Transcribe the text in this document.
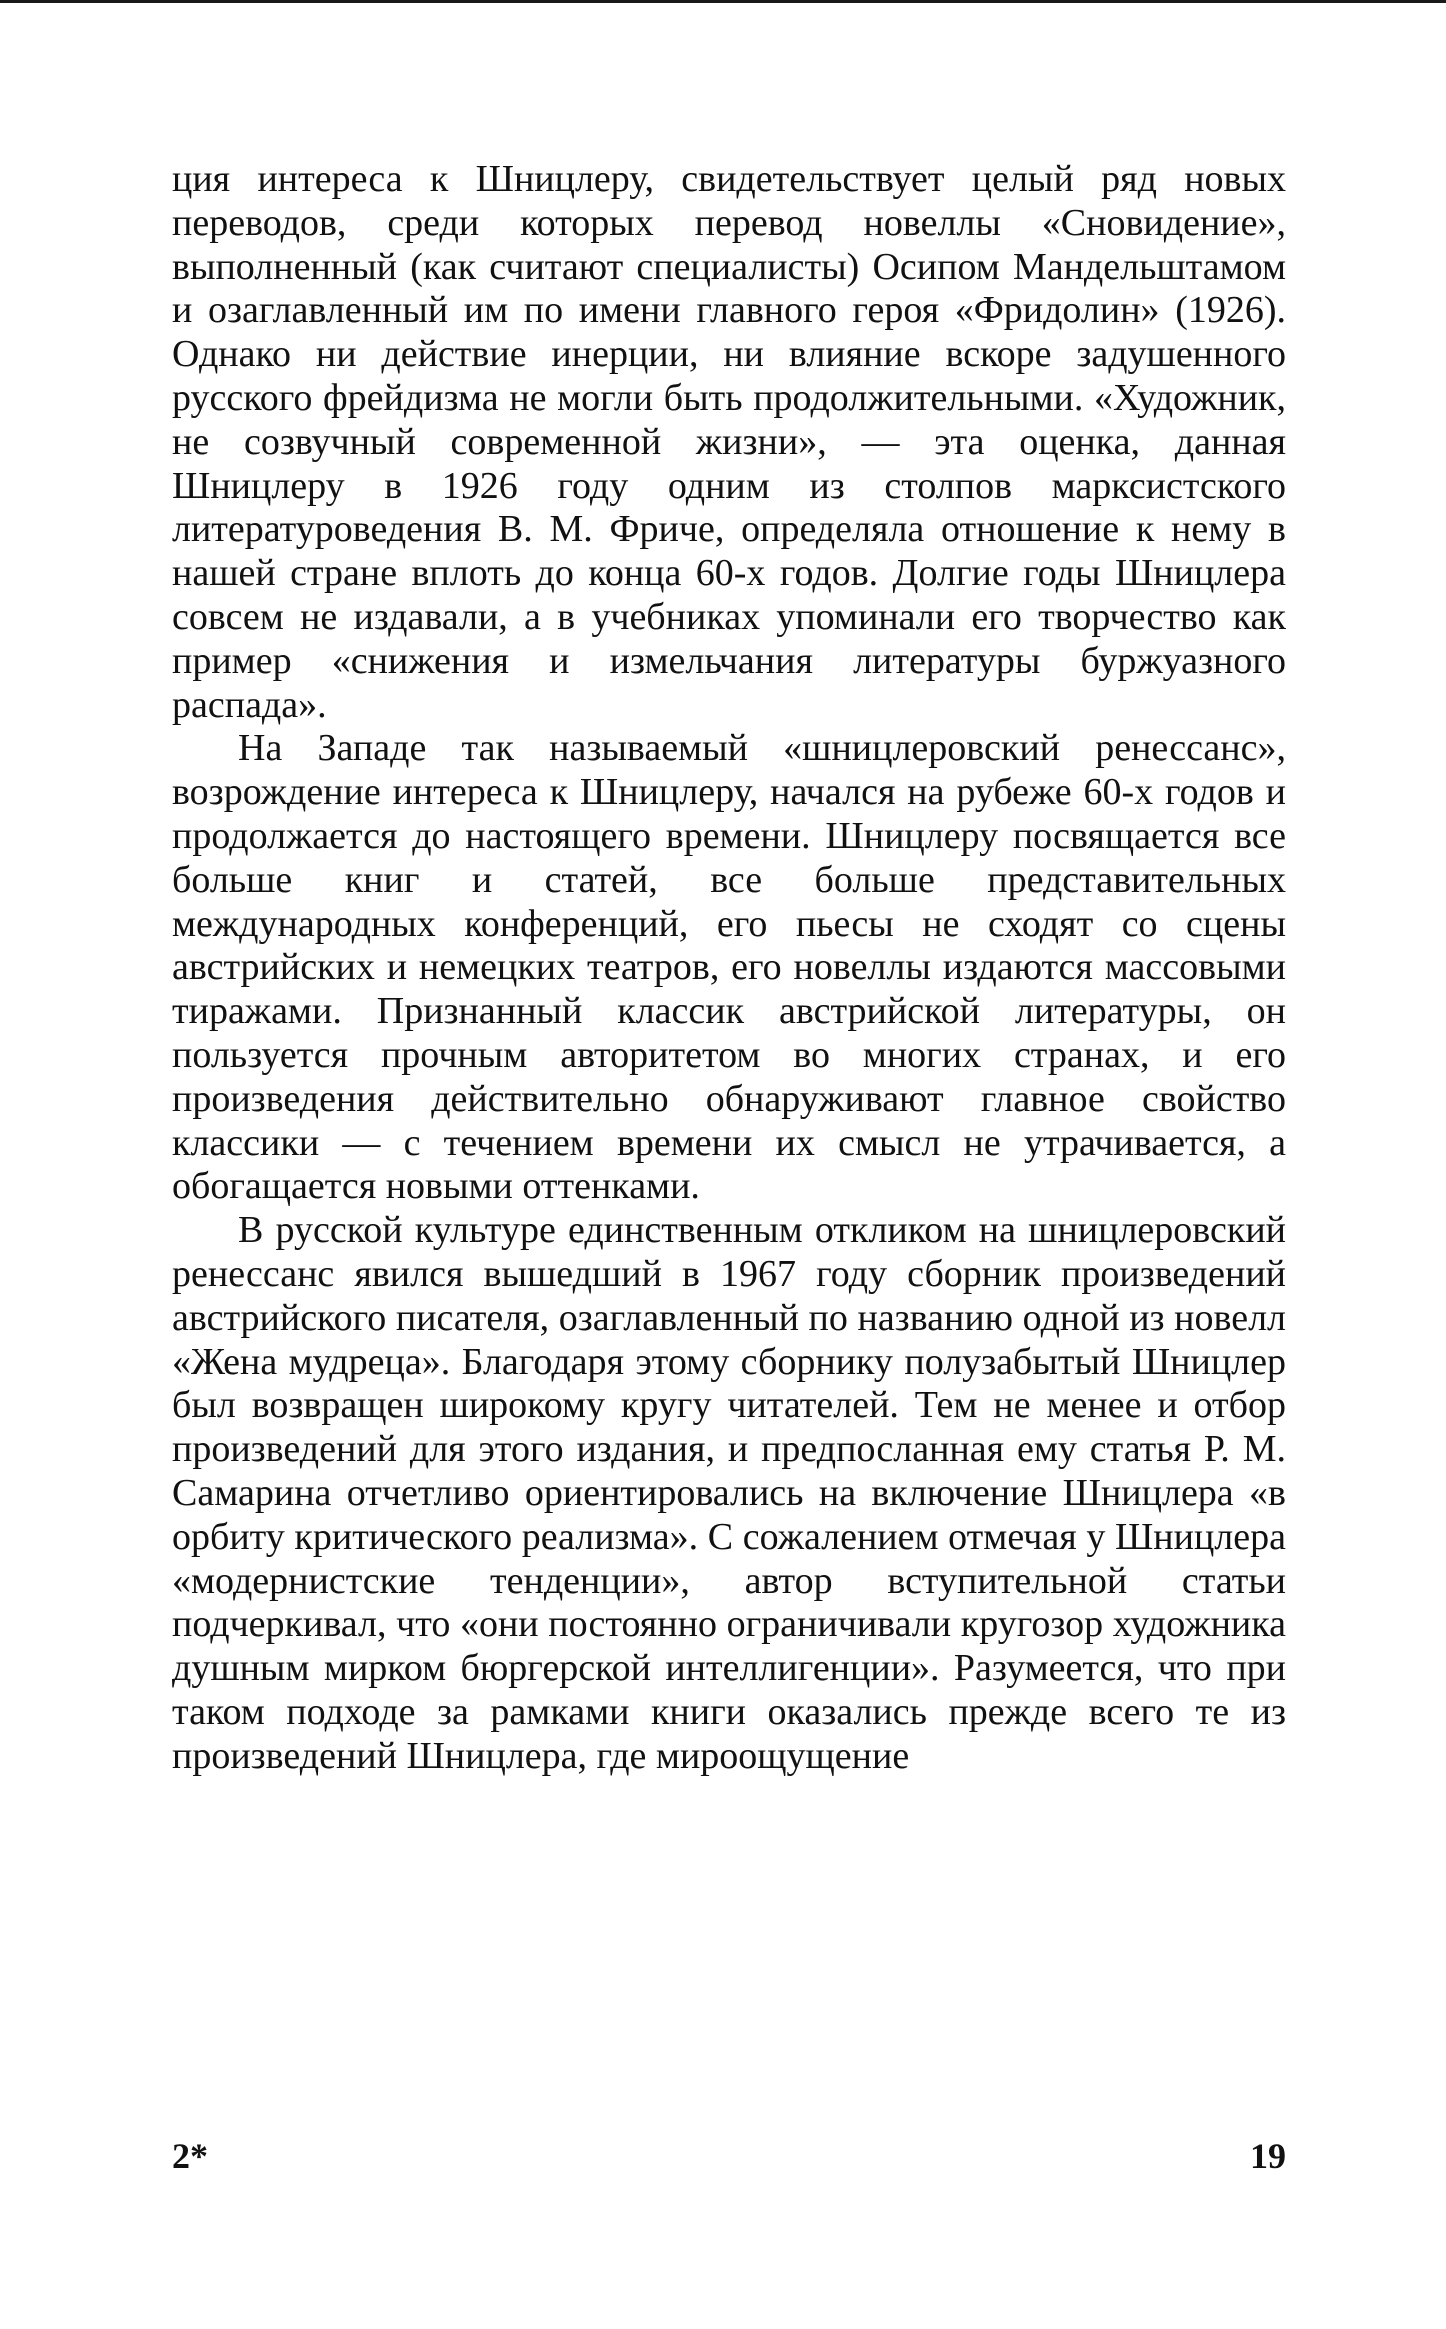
ция интереса к Шницлеру, свидетельствует целый ряд новых переводов, среди которых перевод новеллы «Сновидение», выполненный (как считают специалисты) Осипом Мандельштамом и озаглавленный им по имени главного героя «Фридолин» (1926). Однако ни действие инерции, ни влияние вскоре задушенного русского фрейдизма не могли быть продолжительными. «Художник, не созвучный современной жизни», — эта оценка, данная Шницлеру в 1926 году одним из столпов марксистского литературоведения В. М. Фриче, определяла отношение к нему в нашей стране вплоть до конца 60-х годов. Долгие годы Шницлера совсем не издавали, а в учебниках упоминали его творчество как пример «снижения и измельчания литературы буржуазного распада».

На Западе так называемый «шницлеровский ренессанс», возрождение интереса к Шницлеру, начался на рубеже 60-х годов и продолжается до настоящего времени. Шницлеру посвящается все больше книг и статей, все больше представительных международных конференций, его пьесы не сходят со сцены австрийских и немецких театров, его новеллы издаются массовыми тиражами. Признанный классик австрийской литературы, он пользуется прочным авторитетом во многих странах, и его произведения действительно обнаруживают главное свойство классики — с течением времени их смысл не утрачивается, а обогащается новыми оттенками.

В русской культуре единственным откликом на шницлеровский ренессанс явился вышедший в 1967 году сборник произведений австрийского писателя, озаглавленный по названию одной из новелл «Жена мудреца». Благодаря этому сборнику полузабытый Шницлер был возвращен широкому кругу читателей. Тем не менее и отбор произведений для этого издания, и предпосланная ему статья Р. М. Самарина отчетливо ориентировались на включение Шницлера «в орбиту критического реализма». С сожалением отмечая у Шницлера «модернистские тенденции», автор вступительной статьи подчеркивал, что «они постоянно ограничивали кругозор художника душным мирком бюргерской интеллигенции». Разумеется, что при таком подходе за рамками книги оказались прежде всего те из произведений Шницлера, где мироощущение

2*	19
